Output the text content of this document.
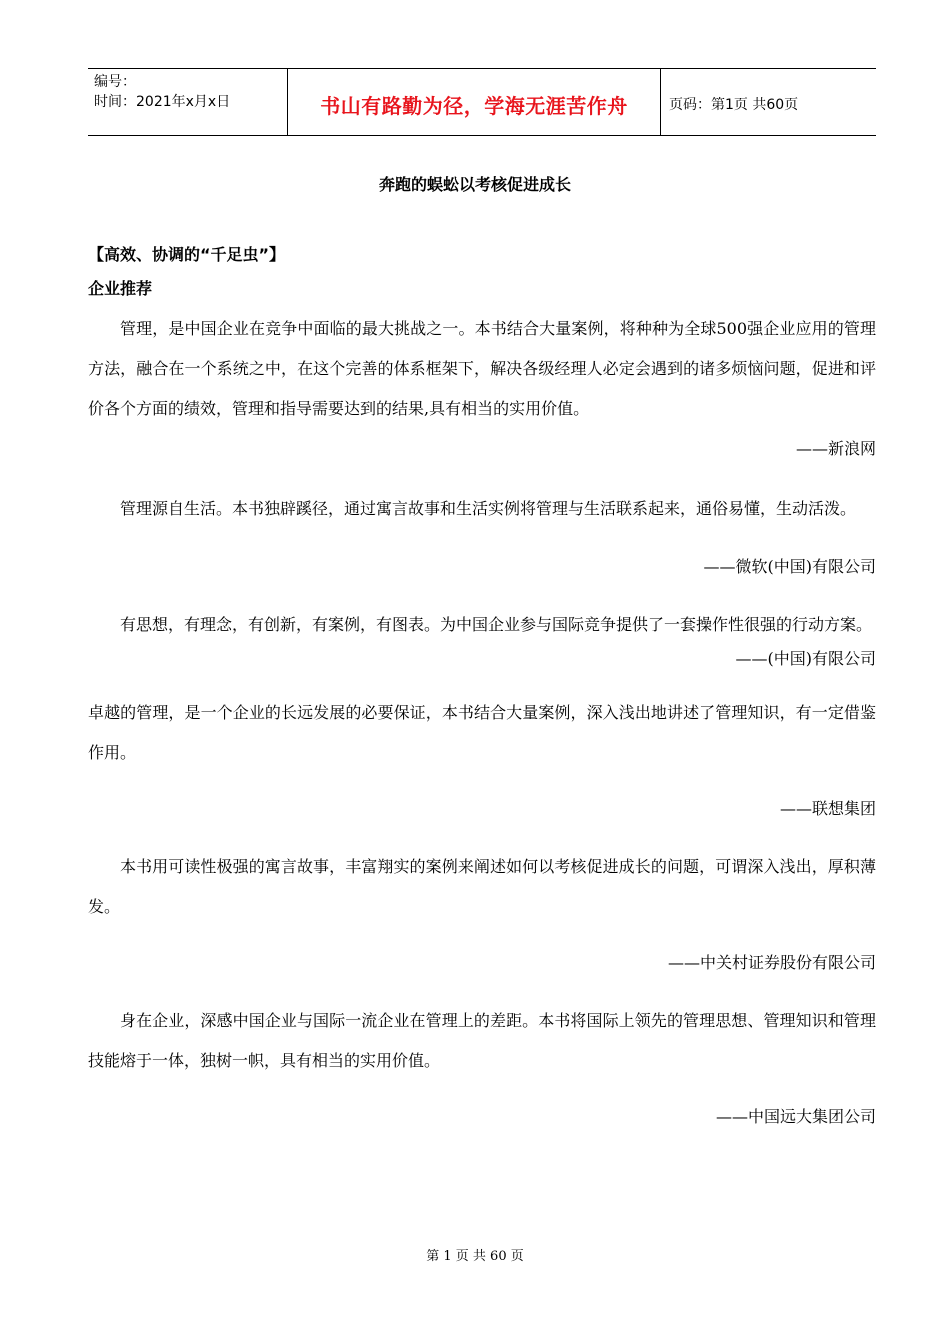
编号：
时间：2021年x月x日	书山有路勤为径，学海无涯苦作舟	页码：第1页 共60页
奔跑的蜈蚣以考核促进成长
【高效、协调的“千足虫”】
企业推荐

管理，是中国企业在竞争中面临的最大挑战之一。本书结合大量案例，将种种为全球500强企业应用的管理方法，融合在一个系统之中，在这个完善的体系框架下，解决各级经理人必定会遇到的诸多烦恼问题，促进和评价各个方面的绩效，管理和指导需要达到的结果,具有相当的实用价值。

——新浪网

管理源自生活。本书独辟蹊径，通过寓言故事和生活实例将管理与生活联系起来，通俗易懂，生动活泼。

——微软(中国)有限公司

有思想，有理念，有创新，有案例，有图表。为中国企业参与国际竞争提供了一套操作性很强的行动方案。

——(中国)有限公司

卓越的管理，是一个企业的长远发展的必要保证，本书结合大量案例，深入浅出地讲述了管理知识，有一定借鉴作用。

——联想集团

本书用可读性极强的寓言故事，丰富翔实的案例来阐述如何以考核促进成长的问题，可谓深入浅出，厚积薄发。

——中关村证券股份有限公司

身在企业，深感中国企业与国际一流企业在管理上的差距。本书将国际上领先的管理思想、管理知识和管理技能熔于一体，独树一帜，具有相当的实用价值。

——中国远大集团公司

第 1 页 共 60 页
